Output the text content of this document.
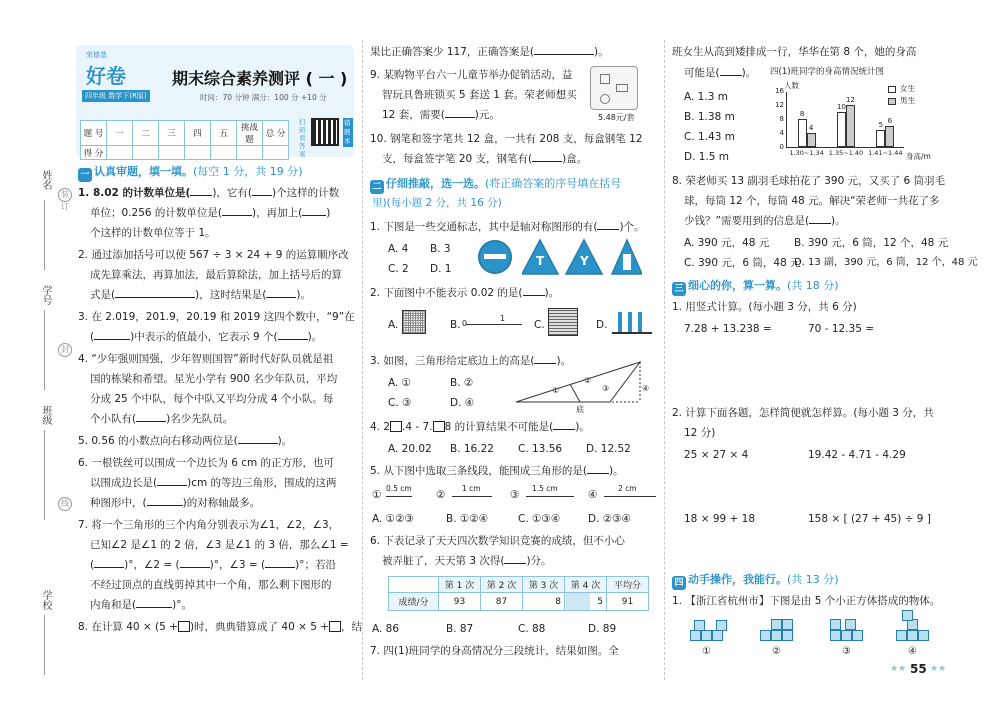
姓名
装订
学号
封
班级
线
学校
荣德基
好卷
四年级 数学下(R版)
期末综合素养测评 ( 一 )
时间：70 分钟 满分：100 分 +10 分
题 号	一	二	三	四	五	挑战题	总 分
得 分							
扫码看答案
错题本
一 认真审题，填一填。(每空 1 分，共 19 分)
1. 8.02 的计数单位是( )，它有( )个这样的计数
单位；0.256 的计数单位是(	)，再加上( )
个这样的计数单位等于 1。
2. 通过添加括号可以使 567 ÷ 3 × 24 + 9 的运算顺序改
成先算乘法，再算加法，最后算除法，加上括号后的算
式是(	)，这时结果是(	)。
3. 在 2.019，201.9，20.19 和 2019 这四个数中，“9”在
(	)中表示的值最小，它表示 9 个(	)。
4. “少年强则国强，少年智则国智”新时代好队员就是祖
国的栋梁和希望。星光小学有 900 名少年队员，平均
分成 25 个中队，每个中队又平均分成 4 个小队。每
个小队有(	)名少先队员。
5. 0.56 的小数点向右移动两位是(	)。
6. 一根铁丝可以围成一个边长为 6 cm 的正方形，也可
以围成边长是(	)cm 的等边三角形，围成的这两
种图形中，(	)的对称轴最多。
7. 将一个三角形的三个内角分别表示为∠1，∠2，∠3，
已知∠2 是∠1 的 2 倍，∠3 是∠1 的 3 倍，那么∠1 =
(	)°，∠2 = (	)°，∠3 = (	)°；若沿
不经过顶点的直线剪掉其中一个角，那么剩下图形的
内角和是(	)°。
8. 在计算 40 × (5 + )时，典典错算成了 40 × 5 + ，结
果比正确答案少 117，正确答案是(	)。
9. 某购物平台六一儿童节举办促销活动，益
智玩具鲁班锁买 5 套送 1 套。荣老师想买
12 套，需要(	)元。	5.48元/套
10. 钢笔和签字笔共 12 盒，一共有 208 支，每盒钢笔 12
支，每盒签字笔 20 支，钢笔有(	)盒。
二 仔细推敲，选一选。(将正确答案的序号填在括号
里)(每小题 2 分，共 16 分)
1. 下图是一些交通标志，其中是轴对称图形的有( )个。
A. 4 B. 3
C. 2 D. 1
T	Y
2. 下面图中不能表示 0.02 的是( )。
A.	B. 0
1
C.	D.
3. 如图，三角形给定底边上的高是( )。
A. ①	B. ②
C. ③	D. ④
①
②
③	④
底
4. 2 .4 - 7. 8 的计算结果不可能是( )。
A. 20.02 B. 16.22 C. 13.56 D. 12.52
5. 从下图中选取三条线段，能围成三角形的是( )。
①
0.5 cm
②
1 cm
③
1.5 cm
④
2 cm
A. ①②③	B. ①②④	C. ①③④	D. ②③④
6. 下表记录了天天四次数学知识竞赛的成绩，但不小心
被弄脏了，天天第 3 次得( )分。
	第 1 次	第 2 次	第 3 次	第 4 次	平均分
成绩/分	93	87	8	5	91
A. 86	B. 87	C. 88	D. 89
7. 四(1)班同学的身高情况分三段统计，结果如图。全
班女生从高到矮排成一行，华华在第 8 个，她的身高
可能是( )。
A. 1.3 m
B. 1.38 m
C. 1.43 m
D. 1.5 m
四(1)班同学的身高情况统计图
人数
身高/m
8
4
1.30~1.34
10
12
1.35~1.40
5 6
1.41~1.44
16
12
8
4
0
女生
男生
8. 荣老师买 13 副羽毛球拍花了 390 元，又买了 6 筒羽毛
球，每筒 12 个，每筒 48 元。解决“荣老师一共花了多
少钱？”需要用到的信息是( )。
A. 390 元，48 元 B. 390 元，6 筒，12 个，48 元
C. 390 元，6 筒，48 元
D. 13 副，390 元，6 筒，12 个，48 元
三 细心的你，算一算。(共 18 分)
1. 用竖式计算。(每小题 3 分，共 6 分)
7.28 + 13.238 =	70 - 12.35 =
2. 计算下面各题，怎样简便就怎样算。(每小题 3 分，共
12 分)
25 × 27 × 4	19.42 - 4.71 - 4.29
18 × 99 + 18	158 × [ (27 + 45) ÷ 9 ]
四 动手操作，我能行。(共 13 分)
1. 【浙江省杭州市】下图是由 5 个小正方体搭成的物体。
①	②	③	④
★★ 55 ★★
